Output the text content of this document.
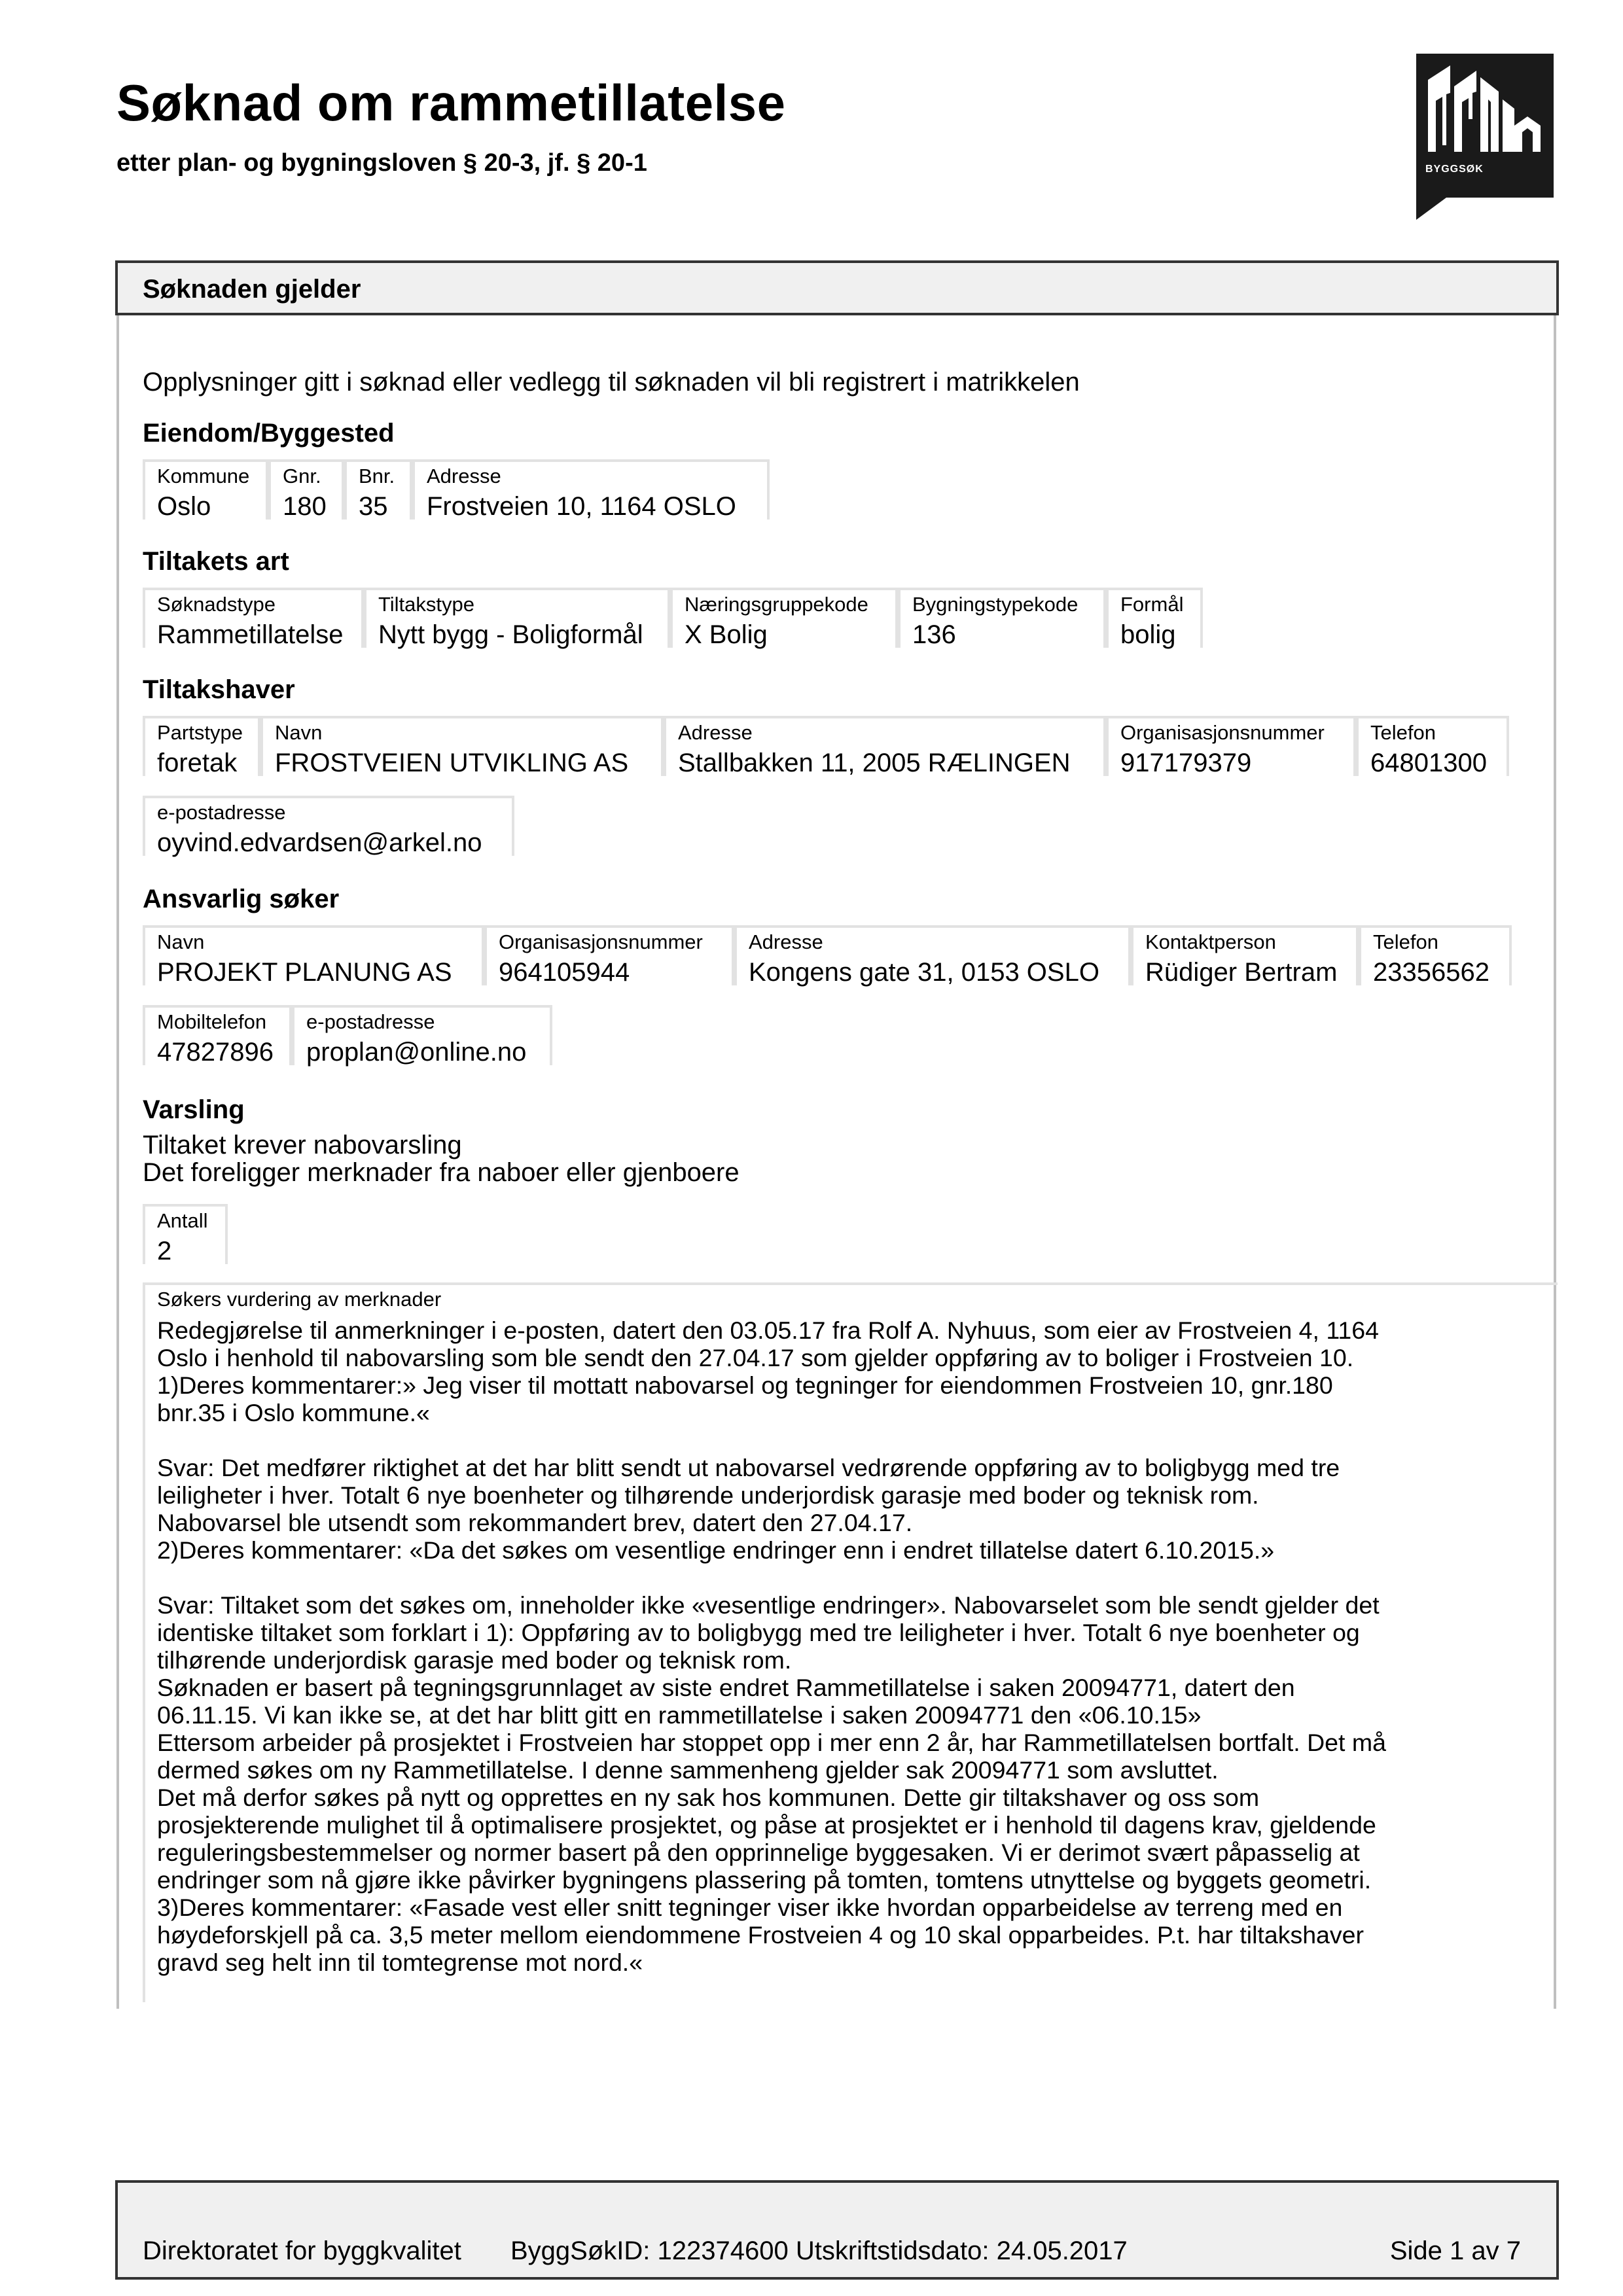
Søknad om rammetillatelse
etter plan- og bygningsloven § 20-3, jf. § 20-1	BYGGSØK
Søknaden gjelder
Opplysninger gitt i søknad eller vedlegg til søknaden vil bli registrert i matrikkelen
Eiendom/Byggested
Kommune
Oslo
Gnr.
180
Bnr.
35
Adresse
Frostveien 10, 1164 OSLO
Tiltakets art
Søknadstype
Rammetillatelse
Tiltakstype
Nytt bygg - Boligformål
Næringsgruppekode
X Bolig
Bygningstypekode
136
Formål
bolig
Tiltakshaver
Partstype
foretak
Navn
FROSTVEIEN UTVIKLING AS
Adresse
Stallbakken 11, 2005 RÆLINGEN
Organisasjonsnummer
917179379
Telefon
64801300
e-postadresse
oyvind.edvardsen@arkel.no
Ansvarlig søker
Navn
PROJEKT PLANUNG AS
Organisasjonsnummer
964105944
Adresse
Kongens gate 31, 0153 OSLO
Kontaktperson
Rüdiger Bertram
Telefon
23356562
Mobiltelefon
47827896
e-postadresse
proplan@online.no
Varsling
Tiltaket krever nabovarsling
Det foreligger merknader fra naboer eller gjenboere
Antall
2
Søkers vurdering av merknader

Redegjørelse til anmerkninger i e-posten, datert den 03.05.17 fra Rolf A. Nyhuus, som eier av Frostveien 4, 1164

Oslo i henhold til nabovarsling som ble sendt den 27.04.17 som gjelder oppføring av to boliger i Frostveien 10.

1)Deres kommentarer:» Jeg viser til mottatt nabovarsel og tegninger for eiendommen Frostveien 10, gnr.180

bnr.35 i Oslo kommune.«

Svar: Det medfører riktighet at det har blitt sendt ut nabovarsel vedrørende oppføring av to boligbygg med tre

leiligheter i hver. Totalt 6 nye boenheter og tilhørende underjordisk garasje med boder og teknisk rom.

Nabovarsel ble utsendt som rekommandert brev, datert den 27.04.17.

2)Deres kommentarer: «Da det søkes om vesentlige endringer enn i endret tillatelse datert 6.10.2015.»

Svar: Tiltaket som det søkes om, inneholder ikke «vesentlige endringer». Nabovarselet som ble sendt gjelder det

identiske tiltaket som forklart i 1): Oppføring av to boligbygg med tre leiligheter i hver. Totalt 6 nye boenheter og

tilhørende underjordisk garasje med boder og teknisk rom.

Søknaden er basert på tegningsgrunnlaget av siste endret Rammetillatelse i saken 20094771, datert den

06.11.15. Vi kan ikke se, at det har blitt gitt en rammetillatelse i saken 20094771 den «06.10.15»

Ettersom arbeider på prosjektet i Frostveien har stoppet opp i mer enn 2 år, har Rammetillatelsen bortfalt. Det må

dermed søkes om ny Rammetillatelse. I denne sammenheng gjelder sak 20094771 som avsluttet.

Det må derfor søkes på nytt og opprettes en ny sak hos kommunen. Dette gir tiltakshaver og oss som

prosjekterende mulighet til å optimalisere prosjektet, og påse at prosjektet er i henhold til dagens krav, gjeldende

reguleringsbestemmelser og normer basert på den opprinnelige byggesaken. Vi er derimot svært påpasselig at

endringer som nå gjøre ikke påvirker bygningens plassering på tomten, tomtens utnyttelse og byggets geometri.

3)Deres kommentarer: «Fasade vest eller snitt tegninger viser ikke hvordan opparbeidelse av terreng med en

høydeforskjell på ca. 3,5 meter mellom eiendommene Frostveien 4 og 10 skal opparbeides. P.t. har tiltakshaver

gravd seg helt inn til tomtegrense mot nord.«

Direktoratet for byggkvalitet ByggSøkID: 122374600 Utskriftstidsdato: 24.05.2017	Side 1 av 7
